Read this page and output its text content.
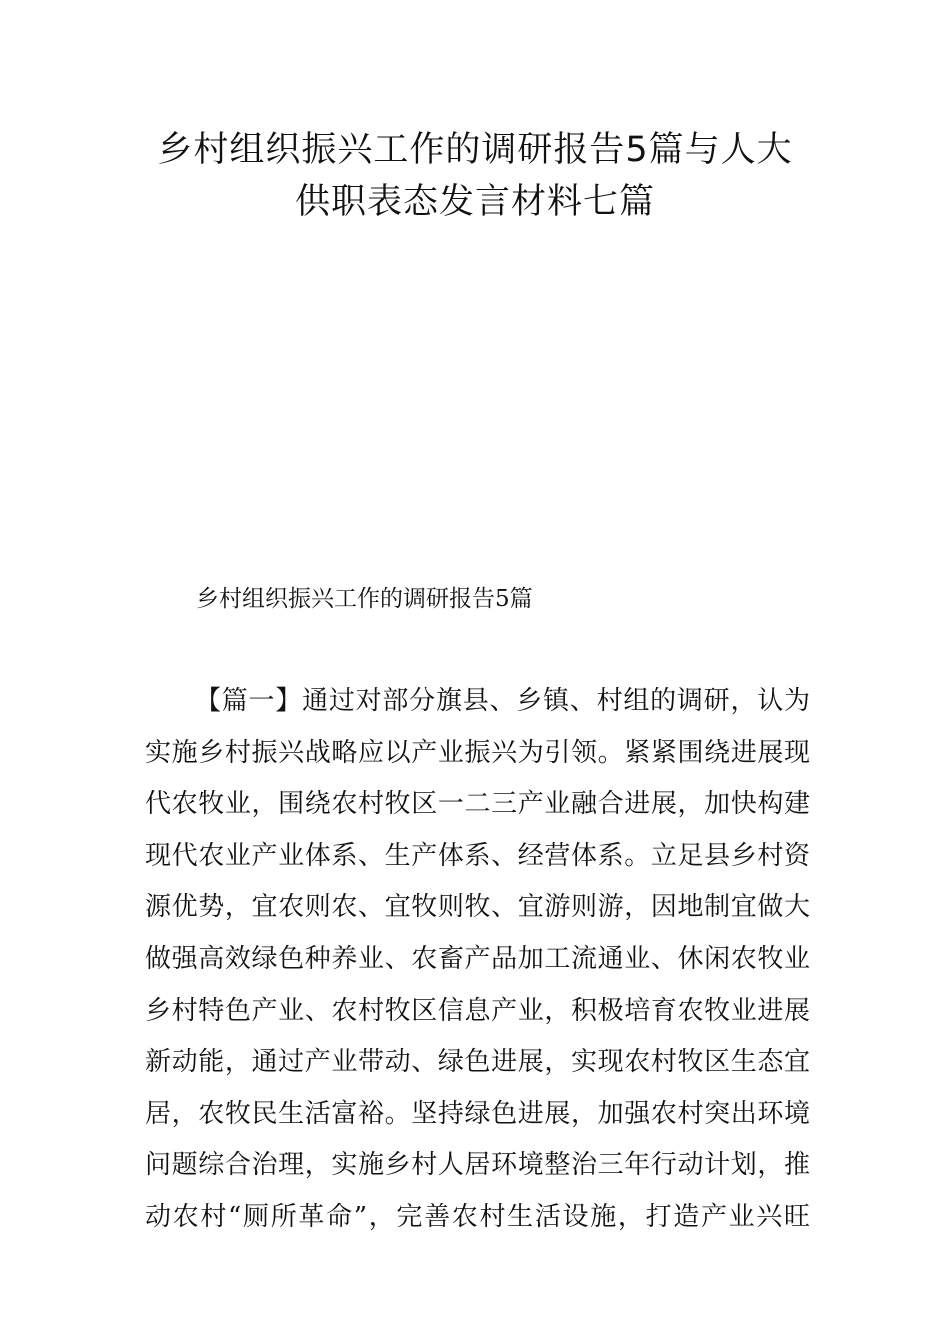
乡村组织振兴工作的调研报告5篇与人大
供职表态发言材料七篇
乡村组织振兴工作的调研报告5篇
【篇一】通过对部分旗县、乡镇、村组的调研，认为
实施乡村振兴战略应以产业振兴为引领。紧紧围绕进展现
代农牧业，围绕农村牧区一二三产业融合进展，加快构建
现代农业产业体系、生产体系、经营体系。立足县乡村资
源优势，宜农则农、宜牧则牧、宜游则游，因地制宜做大
做强高效绿色种养业、农畜产品加工流通业、休闲农牧业
乡村特色产业、农村牧区信息产业，积极培育农牧业进展
新动能，通过产业带动、绿色进展，实现农村牧区生态宜
居，农牧民生活富裕。坚持绿色进展，加强农村突出环境
问题综合治理，实施乡村人居环境整治三年行动计划，推
动农村“厕所革命”，完善农村生活设施，打造产业兴旺
